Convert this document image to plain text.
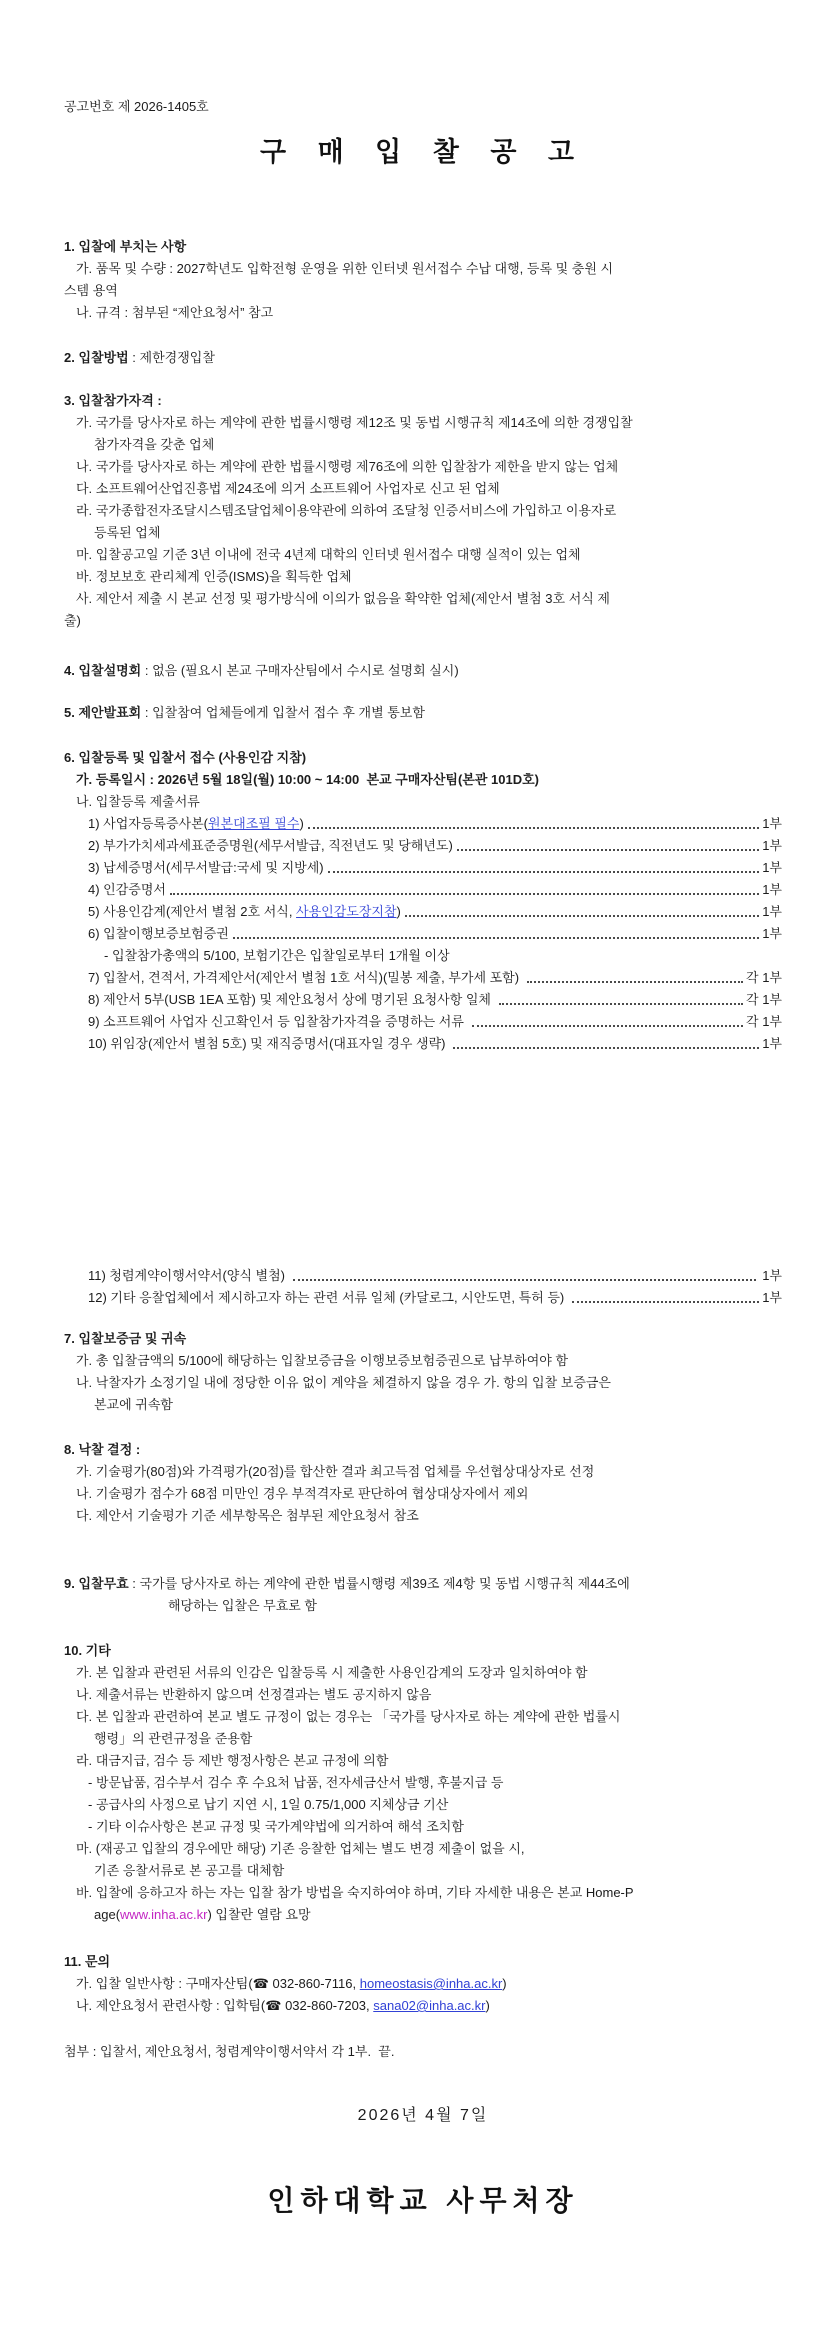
공고번호 제 2026-1405호
구 매 입 찰 공 고
1. 입찰에 부치는 사항
가. 품목 및 수량 : 2027학년도 입학전형 운영을 위한 인터넷 원서접수 수납 대행, 등록 및 충원 시
스템 용역
나. 규격 : 첨부된 “제안요청서” 참고
2. 입찰방법 : 제한경쟁입찰
3. 입찰참가자격 :
가. 국가를 당사자로 하는 계약에 관한 법률시행령 제12조 및 동법 시행규칙 제14조에 의한 경쟁입찰
참가자격을 갖춘 업체
나. 국가를 당사자로 하는 계약에 관한 법률시행령 제76조에 의한 입찰참가 제한을 받지 않는 업체
다. 소프트웨어산업진흥법 제24조에 의거 소프트웨어 사업자로 신고 된 업체
라. 국가종합전자조달시스템조달업체이용약관에 의하여 조달청 인증서비스에 가입하고 이용자로
등록된 업체
마. 입찰공고일 기준 3년 이내에 전국 4년제 대학의 인터넷 원서접수 대행 실적이 있는 업체
바. 정보보호 관리체계 인증(ISMS)을 획득한 업체
사. 제안서 제출 시 본교 선정 및 평가방식에 이의가 없음을 확약한 업체(제안서 별첨 3호 서식 제
출)
4. 입찰설명회 : 없음 (필요시 본교 구매자산팀에서 수시로 설명회 실시)
5. 제안발표회 : 입찰참여 업체들에게 입찰서 접수 후 개별 통보함
6. 입찰등록 및 입찰서 접수 (사용인감 지참)
가. 등록일시 : 2026년 5월 18일(월) 10:00 ~ 14:00  본교 구매자산팀(본관 101D호)
나. 입찰등록 제출서류
1) 사업자등록증사본( 원본대조필 필수 )	1부
2) 부가가치세과세표준증명원(세무서발급, 직전년도 및 당해년도)	1부
3) 납세증명서(세무서발급:국세 및 지방세)	1부
4) 인감증명서	1부
5) 사용인감계(제안서 별첨 2호 서식, 사용인감도장지참 )	1부
6) 입찰이행보증보험증권	1부
- 입찰참가총액의 5/100, 보험기간은 입찰일로부터 1개월 이상
7) 입찰서, 견적서, 가격제안서(제안서 별첨 1호 서식)(밀봉 제출, 부가세 포함)	각 1부
8) 제안서 5부(USB 1EA 포함) 및 제안요청서 상에 명기된 요청사항 일체	각 1부
9) 소프트웨어 사업자 신고확인서 등 입찰참가자격을 증명하는 서류	각 1부
10) 위임장(제안서 별첨 5호) 및 재직증명서(대표자일 경우 생략)	1부
11) 청렴계약이행서약서(양식 별첨)	1부
12) 기타 응찰업체에서 제시하고자 하는 관련 서류 일체 (카달로그, 시안도면, 특허 등)	1부
7. 입찰보증금 및 귀속
가. 총 입찰금액의 5/100에 해당하는 입찰보증금을 이행보증보험증권으로 납부하여야 함
나. 낙찰자가 소정기일 내에 정당한 이유 없이 계약을 체결하지 않을 경우 가. 항의 입찰 보증금은
본교에 귀속함
8. 낙찰 결정 :
가. 기술평가(80점)와 가격평가(20점)를 합산한 결과 최고득점 업체를 우선협상대상자로 선정
나. 기술평가 점수가 68점 미만인 경우 부적격자로 판단하여 협상대상자에서 제외
다. 제안서 기술평가 기준 세부항목은 첨부된 제안요청서 참조
9. 입찰무효 : 국가를 당사자로 하는 계약에 관한 법률시행령 제39조 제4항 및 동법 시행규칙 제44조에
해당하는 입찰은 무효로 함
10. 기타
가. 본 입찰과 관련된 서류의 인감은 입찰등록 시 제출한 사용인감계의 도장과 일치하여야 함
나. 제출서류는 반환하지 않으며 선정결과는 별도 공지하지 않음
다. 본 입찰과 관련하여 본교 별도 규정이 없는 경우는 「국가를 당사자로 하는 계약에 관한 법률시
행령」의 관련규정을 준용함
라. 대금지급, 검수 등 제반 행정사항은 본교 규정에 의함
- 방문납품, 검수부서 검수 후 수요처 납품, 전자세금산서 발행, 후불지급 등
- 공급사의 사정으로 납기 지연 시, 1일 0.75/1,000 지체상금 기산
- 기타 이슈사항은 본교 규정 및 국가계약법에 의거하여 해석 조치함
마. (재공고 입찰의 경우에만 해당) 기존 응찰한 업체는 별도 변경 제출이 없을 시,
기존 응찰서류로 본 공고를 대체함
바. 입찰에 응하고자 하는 자는 입찰 참가 방법을 숙지하여야 하며, 기타 자세한 내용은 본교 Home-P
age(www.inha.ac.kr) 입찰란 열람 요망
11. 문의
가. 입찰 일반사항 : 구매자산팀(☎ 032-860-7116, homeostasis@inha.ac.kr)
나. 제안요청서 관련사항 : 입학팀(☎ 032-860-7203, sana02@inha.ac.kr)
첨부 : 입찰서, 제안요청서, 청렴계약이행서약서 각 1부.  끝.
2026년 4월 7일
인하대학교 사무처장
